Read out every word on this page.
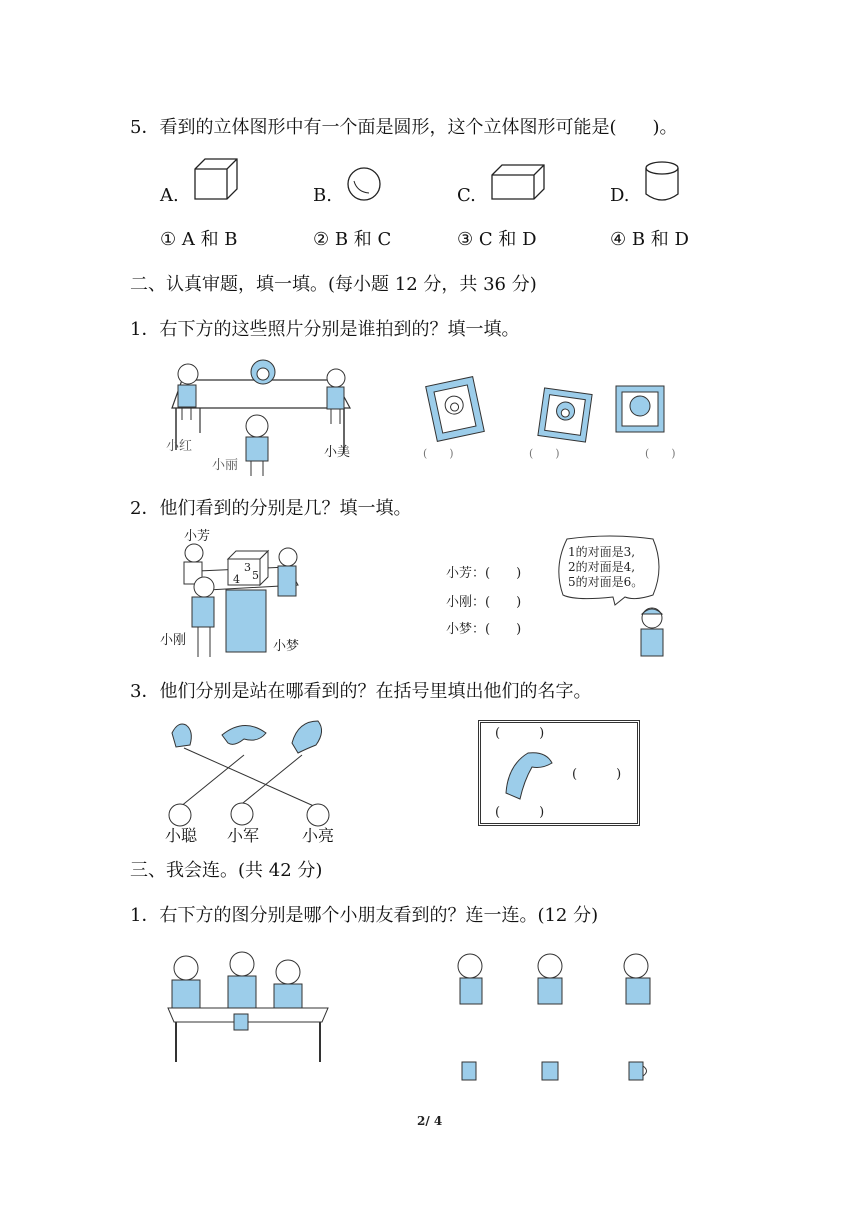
5．看到的立体图形中有一个面是圆形，这个立体图形可能是(　　)。
A.	B.	C.	D.
① A 和 B	② B 和 C	③ C 和 D	④ B 和 D
二、认真审题，填一填。(每小题 12 分，共 36 分)
1．右下方的这些照片分别是谁拍到的？填一填。
小红
小丽
小美	(　　)	(　　)	(　　)
2．他们看到的分别是几？填一填。
小芳
小刚	小梦
3
4 5	小芳：(　　)
小刚：(　　)
小梦：(　　)
1的对面是3,
2的对面是4,
5的对面是6。
3．他们分别是站在哪看到的？在括号里填出他们的名字。
小聪 小军	小亮
(　　　)
(　　　)
(　　　)
三、我会连。(共 42 分)
1．右下方的图分别是哪个小朋友看到的？连一连。(12 分)
2/ 4
